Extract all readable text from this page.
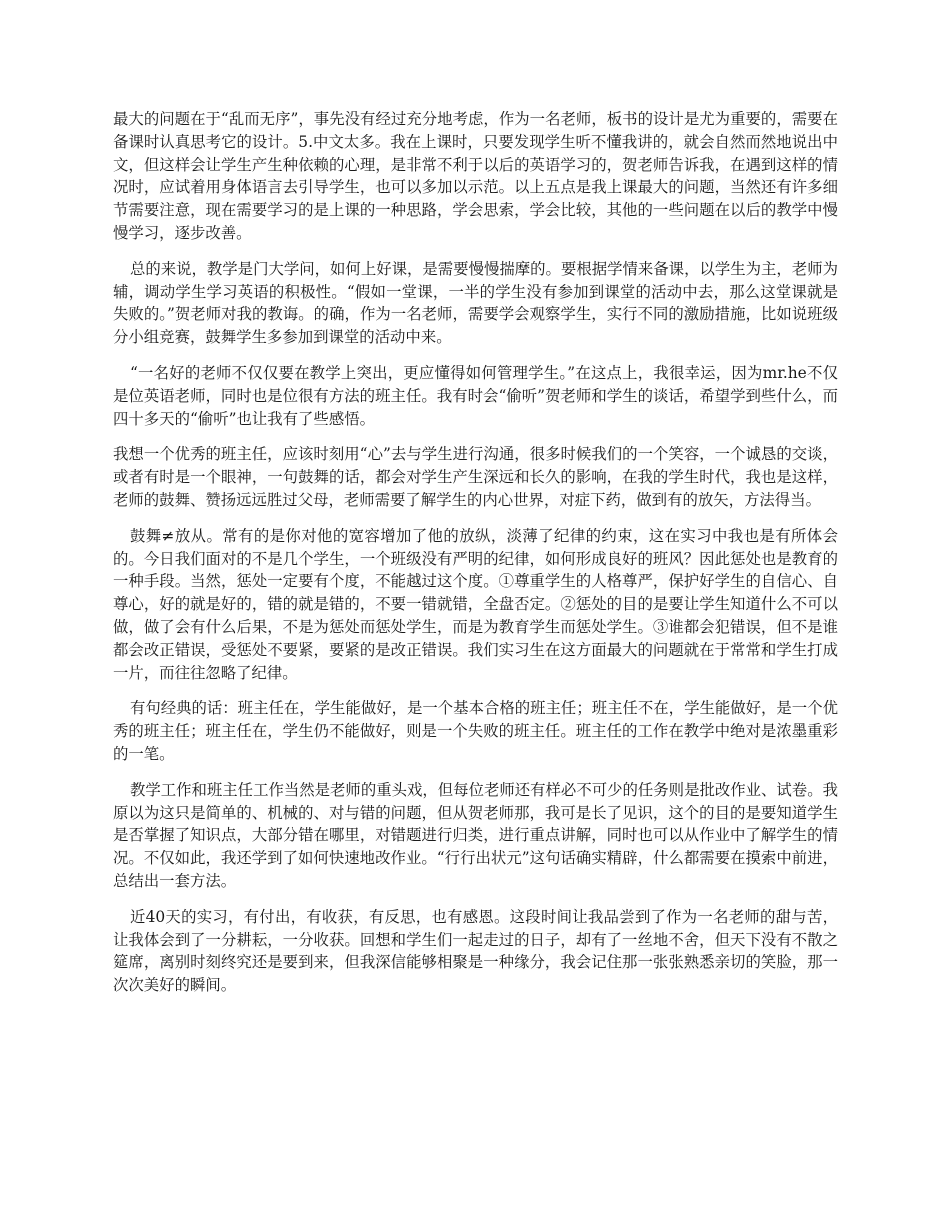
最大的问题在于“乱而无序”，事先没有经过充分地考虑，作为一名老师，板书的设计是尤为重要的，需要在备课时认真思考它的设计。5.中文太多。我在上课时，只要发现学生听不懂我讲的，就会自然而然地说出中文，但这样会让学生产生种依赖的心理，是非常不利于以后的英语学习的，贺老师告诉我，在遇到这样的情况时，应试着用身体语言去引导学生，也可以多加以示范。以上五点是我上课最大的问题，当然还有许多细节需要注意，现在需要学习的是上课的一种思路，学会思索，学会比较，其他的一些问题在以后的教学中慢慢学习，逐步改善。

总的来说，教学是门大学问，如何上好课，是需要慢慢揣摩的。要根据学情来备课，以学生为主，老师为辅，调动学生学习英语的积极性。“假如一堂课，一半的学生没有参加到课堂的活动中去，那么这堂课就是失败的。”贺老师对我的教诲。的确，作为一名老师，需要学会观察学生，实行不同的激励措施，比如说班级分小组竞赛，鼓舞学生多参加到课堂的活动中来。

“一名好的老师不仅仅要在教学上突出，更应懂得如何管理学生。”在这点上，我很幸运，因为mr.he不仅是位英语老师，同时也是位很有方法的班主任。我有时会“偷听”贺老师和学生的谈话，希望学到些什么，而四十多天的“偷听”也让我有了些感悟。

我想一个优秀的班主任，应该时刻用“心”去与学生进行沟通，很多时候我们的一个笑容，一个诚恳的交谈，或者有时是一个眼神，一句鼓舞的话，都会对学生产生深远和长久的影响，在我的学生时代，我也是这样，老师的鼓舞、赞扬远远胜过父母，老师需要了解学生的内心世界，对症下药，做到有的放矢，方法得当。

鼓舞≠放从。常有的是你对他的宽容增加了他的放纵，淡薄了纪律的约束，这在实习中我也是有所体会的。今日我们面对的不是几个学生，一个班级没有严明的纪律，如何形成良好的班风？因此惩处也是教育的一种手段。当然，惩处一定要有个度，不能越过这个度。①尊重学生的人格尊严，保护好学生的自信心、自尊心，好的就是好的，错的就是错的，不要一错就错，全盘否定。②惩处的目的是要让学生知道什么不可以做，做了会有什么后果，不是为惩处而惩处学生，而是为教育学生而惩处学生。③谁都会犯错误，但不是谁都会改正错误，受惩处不要紧，要紧的是改正错误。我们实习生在这方面最大的问题就在于常常和学生打成一片，而往往忽略了纪律。

有句经典的话：班主任在，学生能做好，是一个基本合格的班主任；班主任不在，学生能做好，是一个优秀的班主任；班主任在，学生仍不能做好，则是一个失败的班主任。班主任的工作在教学中绝对是浓墨重彩的一笔。

教学工作和班主任工作当然是老师的重头戏，但每位老师还有样必不可少的任务则是批改作业、试卷。我原以为这只是简单的、机械的、对与错的问题，但从贺老师那，我可是长了见识，这个的目的是要知道学生是否掌握了知识点，大部分错在哪里，对错题进行归类，进行重点讲解，同时也可以从作业中了解学生的情况。不仅如此，我还学到了如何快速地改作业。“行行出状元”这句话确实精辟，什么都需要在摸索中前进，总结出一套方法。

近40天的实习，有付出，有收获，有反思，也有感恩。这段时间让我品尝到了作为一名老师的甜与苦，让我体会到了一分耕耘，一分收获。回想和学生们一起走过的日子，却有了一丝地不舍，但天下没有不散之筵席，离别时刻终究还是要到来，但我深信能够相聚是一种缘分，我会记住那一张张熟悉亲切的笑脸，那一次次美好的瞬间。
